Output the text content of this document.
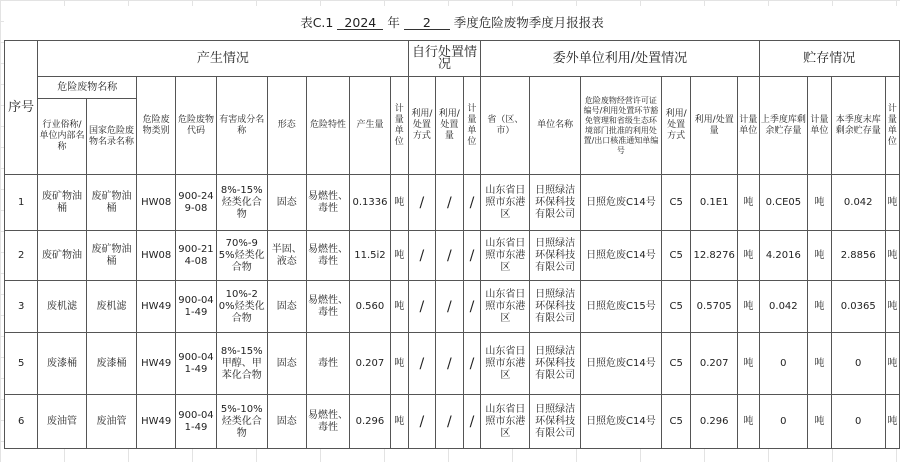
表C.1 2024 年 2 季度危险废物季度月报报表																						
序号	产生情况									自行处置情况			委外单位利用/处置情况						贮存情况			
	危险废物名称		危险废物类别	危险废物代码	有害成分名称	形态	危险特性	产生量	计量单位	利用/处置方式	利用/处置量	计量单位	省（区、市）	单位名称	危险废物经营许可证编号/利用处置环节豁免管理和省级生态环境部门批准的利用处置/出口核准通知单编号	利用/处置方式	利用/处置量	计量单位	上季度库剩余贮存量	计量单位	本季度末库剩余贮存量	计量单位
	行业俗称/单位内部名称	国家危险废物名录名称																				
1	废矿物油桶	废矿物油桶	HW08	900-249-08	8%-15%烃类化合物	固态	易燃性、毒性	0.1336	吨	/	/	/	山东省日照市东港区	日照绿洁环保科技有限公司	日照危废C14号	C5	0.1E1	吨	0.CE05	吨	0.042	吨
2	废矿物油	废矿物油桶	HW08	900-214-08	70%-95%烃类化合物	半固、液态	易燃性、毒性	11.5i2	吨	/	/	/	山东省日照市东港区	日照绿洁环保科技有限公司	日照危废C14号	C5	12.8276	吨	4.2016	吨	2.8856	吨
3	废机滤	废机滤	HW49	900-041-49	10%-20%烃类化合物	固态	易燃性、毒性	0.560	吨	/	/	/	山东省日照市东港区	日照绿洁环保科技有限公司	日照危废C15号	C5	0.5705	吨	0.042	吨	0.0365	吨
5	废漆桶	废漆桶	HW49	900-041-49	8%-15%甲醇、甲苯化合物	固态	毒性	0.207	吨	/	/	/	山东省日照市东港区	日照绿洁环保科技有限公司	日照危废C14号	C5	0.207	吨	0	吨	0	吨
6	废油管	废油管	HW49	900-041-49	5%-10%烃类化合物	固态	易燃性、毒性	0.296	吨	/	/	/	山东省日照市东港区	日照绿洁环保科技有限公司	日照危废C14号	C5	0.296	吨	0	吨	0	吨
